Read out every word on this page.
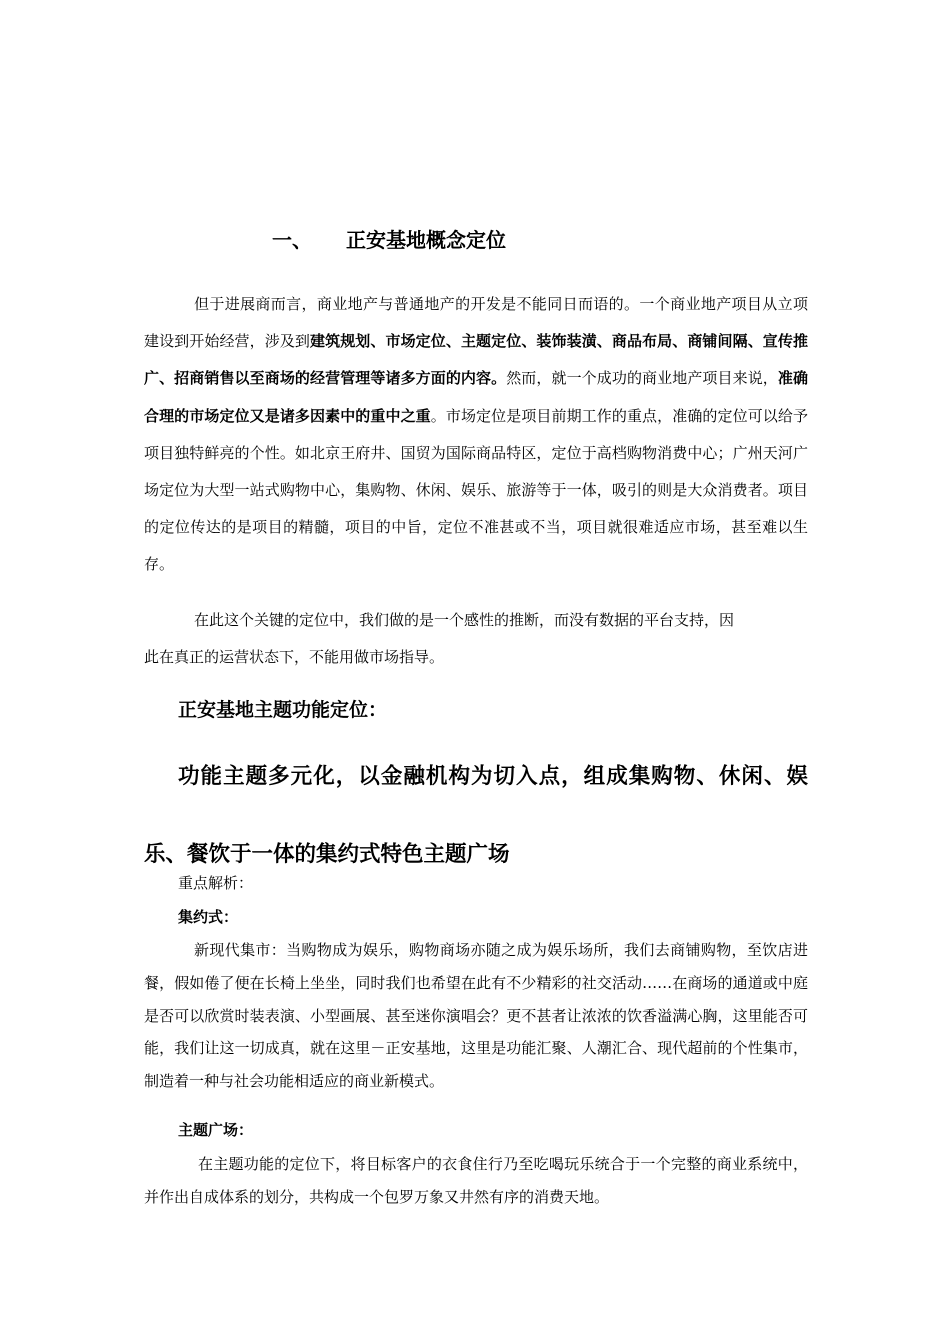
一、 正安基地概念定位
但于进展商而言，商业地产与普通地产的开发是不能同日而语的。一个商业地产项目从立项建设到开始经营，涉及到建筑规划、市场定位、主题定位、装饰装潢、商品布局、商铺间隔、宣传推广、招商销售以至商场的经营管理等诸多方面的内容。然而，就一个成功的商业地产项目来说，准确合理的市场定位又是诸多因素中的重中之重。市场定位是项目前期工作的重点，准确的定位可以给予项目独特鲜亮的个性。如北京王府井、国贸为国际商品特区，定位于高档购物消费中心；广州天河广场定位为大型一站式购物中心，集购物、休闲、娱乐、旅游等于一体，吸引的则是大众消费者。项目的定位传达的是项目的精髓，项目的中旨，定位不准甚或不当，项目就很难适应市场，甚至难以生存。
在此这个关键的定位中，我们做的是一个感性的推断，而没有数据的平台支持，因
此在真正的运营状态下，不能用做市场指导。
正安基地主题功能定位：
功能主题多元化，以金融机构为切入点，组成集购物、休闲、娱乐、餐饮于一体的集约式特色主题广场
重点解析：
集约式：
新现代集市：当购物成为娱乐，购物商场亦随之成为娱乐场所，我们去商铺购物，至饮店进餐，假如倦了便在长椅上坐坐，同时我们也希望在此有不少精彩的社交活动……在商场的通道或中庭是否可以欣赏时装表演、小型画展、甚至迷你演唱会？更不甚者让浓浓的饮香溢满心胸，这里能否可能，我们让这一切成真，就在这里－正安基地，这里是功能汇聚、人潮汇合、现代超前的个性集市，制造着一种与社会功能相适应的商业新模式。
主题广场：
在主题功能的定位下，将目标客户的衣食住行乃至吃喝玩乐统合于一个完整的商业系统中，并作出自成体系的划分，共构成一个包罗万象又井然有序的消费天地。
